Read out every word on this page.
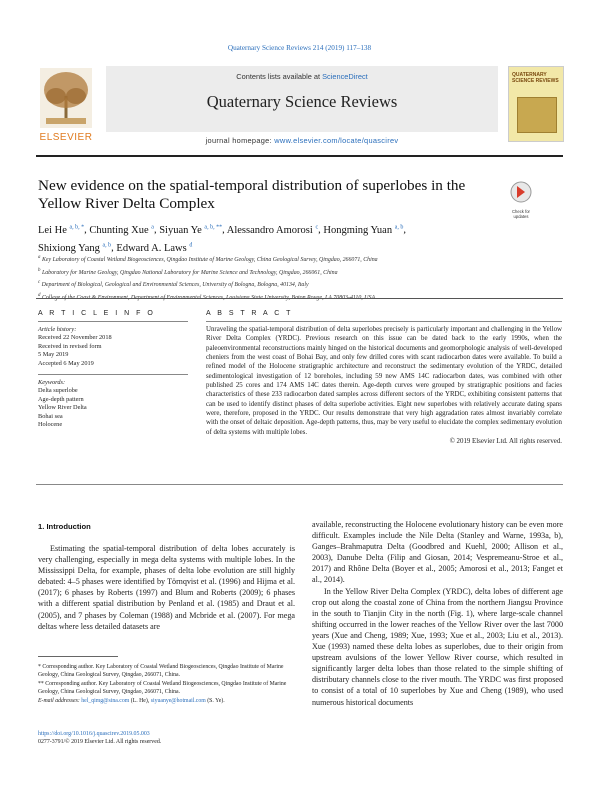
Quaternary Science Reviews 214 (2019) 117–138
ELSEVIER
Contents lists available at ScienceDirect
Quaternary Science Reviews
journal homepage: www.elsevier.com/locate/quascirev
QUATERNARY SCIENCE REVIEWS
New evidence on the spatial-temporal distribution of superlobes in the Yellow River Delta Complex	Check for updates
Lei He $^{a, b, *}$, Chunting Xue $^a$, Siyuan Ye $^{a, b, **}$, Alessandro Amorosi $^c$, Hongming Yuan $^{a, b}$,
Shixiong Yang $^{a, b}$, Edward A. Laws $^d$
$^a$ Key Laboratory of Coastal Wetland Biogeosciences, Qingdao Institute of Marine Geology, China Geological Survey, Qingdao, 266071, China
$^b$ Laboratory for Marine Geology, Qingdao National Laboratory for Marine Science and Technology, Qingdao, 266061, China
$^c$ Department of Biological, Geological and Environmental Sciences, University of Bologna, Bologna, 40134, Italy
$^d$
A R T I C L E I N F O	A B S T R A C T
Article history:
Received 22 November 2018
Received in revised form
5 May 2019
Accepted 6 May 2019
Keywords:
Delta superlobe
Age-depth pattern
Yellow River Delta
Bohai sea
Holocene
Unraveling the spatial-temporal distribution of delta superlobes precisely is particularly important and challenging in the Yellow River Delta Complex (YRDC). Previous research on this issue can be dated back to the early 1990s, when the paleoenvironmental reconstructions mainly hinged on the historical documents and geomorphologic analysis of well-developed cheniers from the west coast of Bohai Bay, and only few drilled cores with scant radiocarbon dates were available. To build a refined model of the Holocene stratigraphic architecture and reconstruct the sedimentary evolution of the YRDC, detailed sedimentological investigation of 12 boreholes, including 59 new AMS 14C radiocarbon dates, was combined with other published 25 cores and 174 AMS 14C dates therein. Age-depth curves were grouped by stratigraphic positions and facies characteristics of these 233 radiocarbon dated samples across different sectors of the YRDC, exhibiting consistent patterns that can be used to identify distinct phases of delta superlobe activities. Eight new superlobes with relatively accurate dating spans were, therefore, proposed in the YRDC. Our results demonstrate that very high aggradation rates almost invariably correlate with the onset of deltaic deposition. Age-depth patterns, thus, may be very useful to elucidate the complex sedimentary evolution of delta systems with multiple lobes.
© 2019 Elsevier Ltd. All rights reserved.
1. Introduction
Estimating the spatial-temporal distribution of delta lobes accurately is very challenging, especially in mega delta systems with multiple lobes. In the Mississippi Delta, for example, phases of delta lobe evolution are still highly debated: 4–5 phases were identified by Törnqvist et al. (1996) and Hijma et al. (2017); 6 phases by Roberts (1997) and Blum and Roberts (2009); 6 phases with a different spatial distribution by Penland et al. (1985) and Draut et al. (2005), and 7 phases by Coleman (1988) and Mcbride et al. (2007). For mega deltas where less detailed datasets are
available, reconstructing the Holocene evolutionary history can be even more difficult. Examples include the Nile Delta (Stanley and Warne, 1993a, b), Ganges–Brahmaputra Delta (Goodbred and Kuehl, 2000; Allison et al., 2003), Danube Delta (Filip and Giosan, 2014; Vespremeanu-Stroe et al., 2017) and Rhône Delta (Boyer et al., 2005; Amorosi et al., 2013; Fanget et al., 2014).
In the Yellow River Delta Complex (YRDC), delta lobes of different age crop out along the coastal zone of China from the northern Jiangsu Province in the south to Tianjin City in the north (Fig. 1), where large-scale channel shifting occurred in the lower reaches of the Yellow River over the last 7000 years (Xue and Cheng, 1989; Xue, 1993; Xue et al., 2003; Liu et al., 2013). Xue (1993) named these delta lobes as superlobes, due to their origin from upstream avulsions of the lower Yellow River course, which resulted in significantly larger delta lobes than those related to the simple shifting of distributary channels close to the river mouth. The YRDC was first proposed to consist of a total of 10 superlobes by Xue and Cheng (1989), who used numerous historical documents

* Corresponding author. Key Laboratory of Coastal Wetland Biogeosciences, Qingdao Institute of Marine Geology, China Geological Survey, Qingdao, 266071, China.

** Corresponding author. Key Laboratory of Coastal Wetland Biogeosciences, Qingdao Institute of Marine Geology, China Geological Survey, Qingdao, 266071, China.

E-mail addresses: hel_qimg@sina.com (L. He), siyuanye@hotmail.com (S. Ye).

https://doi.org/10.1016/j.quascirev.2019.05.003
0277-3791/© 2019 Elsevier Ltd. All rights reserved.
